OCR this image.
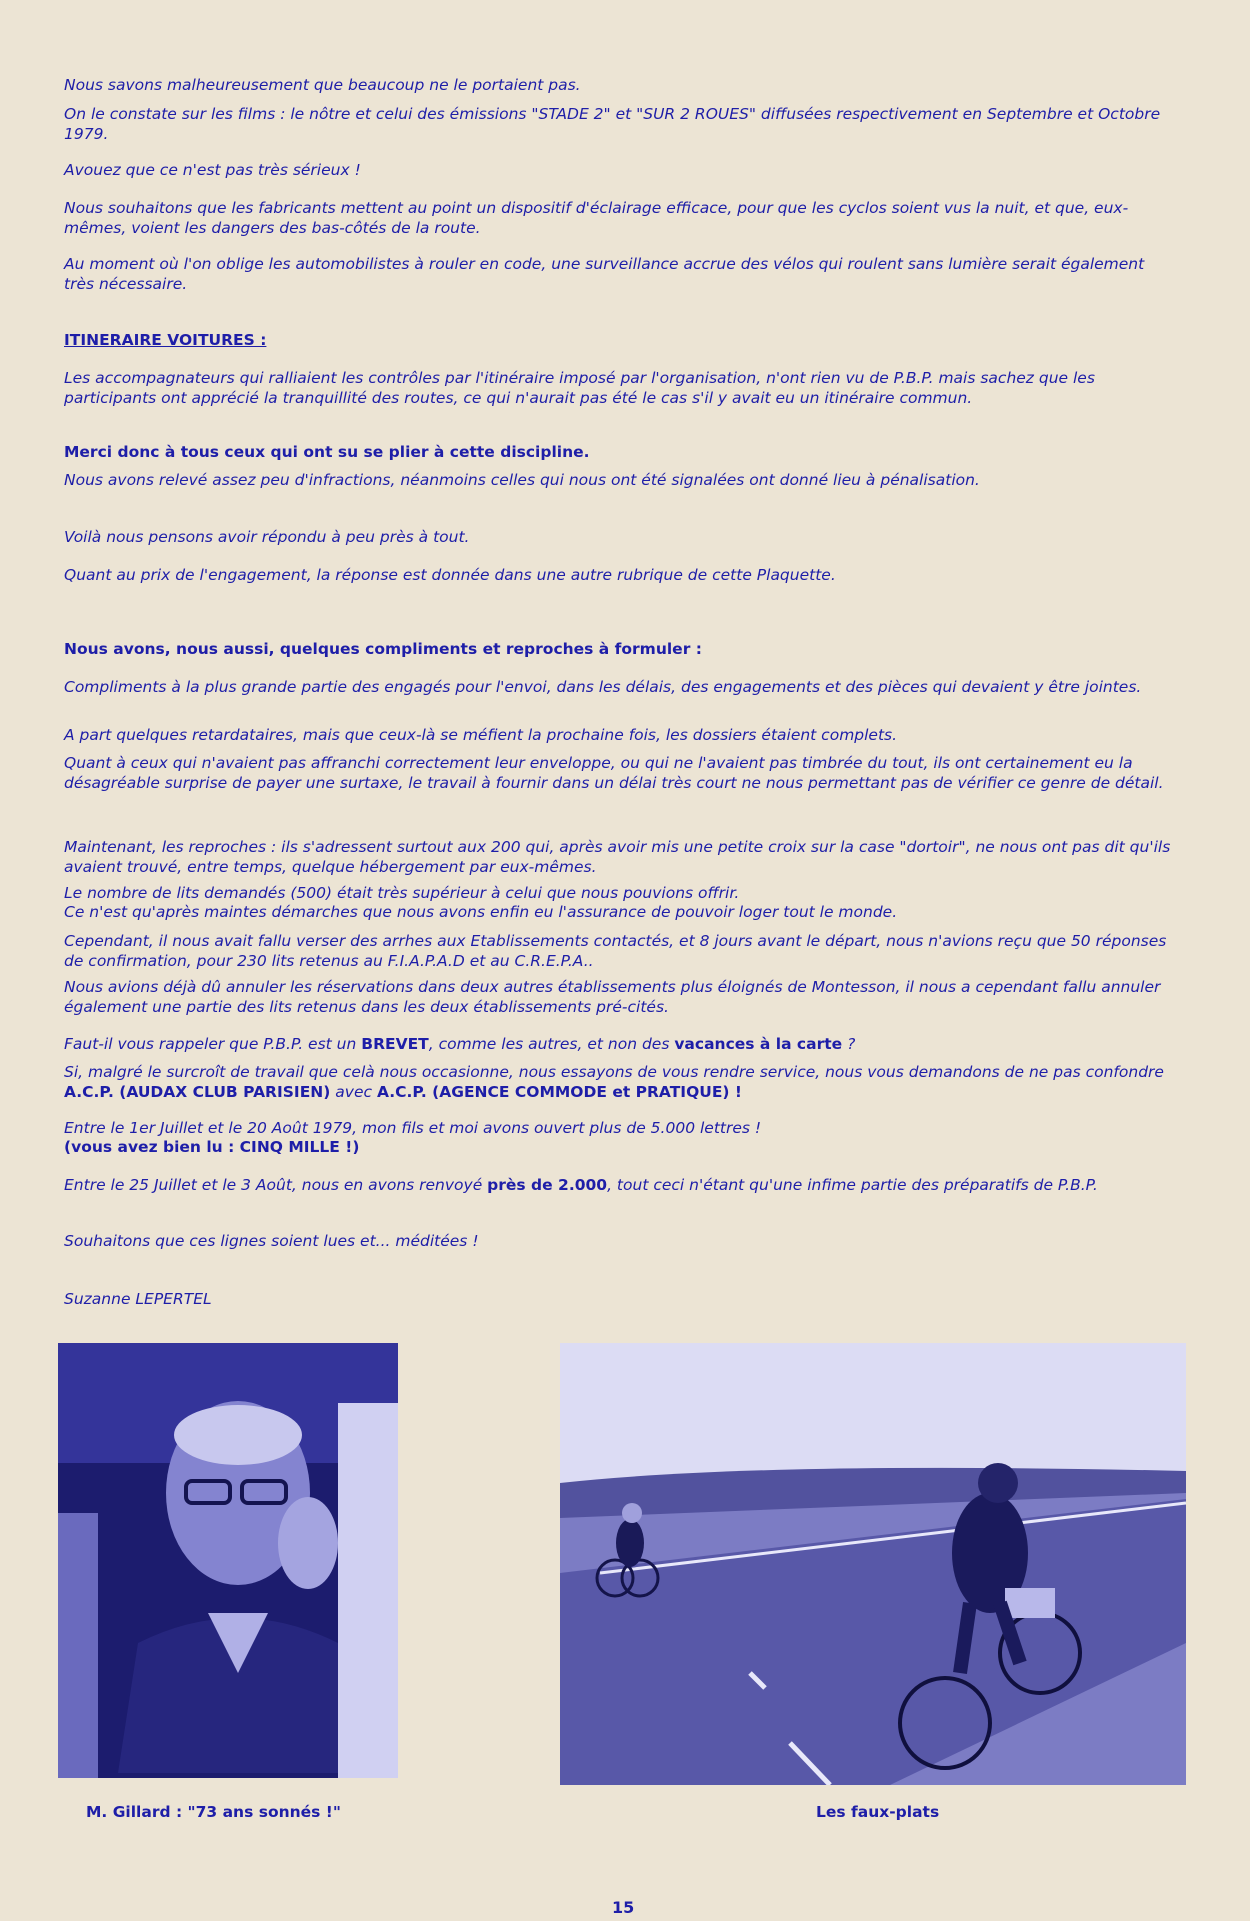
Nous savons malheureusement que beaucoup ne le portaient pas.

On le constate sur les films : le nôtre et celui des émissions "STADE 2" et "SUR 2 ROUES" diffusées respectivement en Septembre et Octobre 1979.

Avouez que ce n'est pas très sérieux !

Nous souhaitons que les fabricants mettent au point un dispositif d'éclairage efficace, pour que les cyclos soient vus la nuit, et que, eux-mêmes, voient les dangers des bas-côtés de la route.

Au moment où l'on oblige les automobilistes à rouler en code, une surveillance accrue des vélos qui roulent sans lumière serait également très nécessaire.

ITINERAIRE VOITURES :

Les accompagnateurs qui ralliaient les contrôles par l'itinéraire imposé par l'organisation, n'ont rien vu de P.B.P. mais sachez que les participants ont apprécié la tranquillité des routes, ce qui n'aurait pas été le cas s'il y avait eu un itinéraire commun.

Merci donc à tous ceux qui ont su se plier à cette discipline.

Nous avons relevé assez peu d'infractions, néanmoins celles qui nous ont été signalées ont donné lieu à pénalisation.

Voilà nous pensons avoir répondu à peu près à tout.

Quant au prix de l'engagement, la réponse est donnée dans une autre rubrique de cette Plaquette.

Nous avons, nous aussi, quelques compliments et reproches à formuler :

Compliments à la plus grande partie des engagés pour l'envoi, dans les délais, des engagements et des pièces qui devaient y être jointes.

A part quelques retardataires, mais que ceux-là se méfient la prochaine fois, les dossiers étaient complets.

Quant à ceux qui n'avaient pas affranchi correctement leur enveloppe, ou qui ne l'avaient pas timbrée du tout, ils ont certainement eu la désagréable surprise de payer une surtaxe, le travail à fournir dans un délai très court ne nous permettant pas de vérifier ce genre de détail.

Maintenant, les reproches : ils s'adressent surtout aux 200 qui, après avoir mis une petite croix sur la case "dortoir", ne nous ont pas dit qu'ils avaient trouvé, entre temps, quelque hébergement par eux-mêmes.

Le nombre de lits demandés (500) était très supérieur à celui que nous pouvions offrir.

Ce n'est qu'après maintes démarches que nous avons enfin eu l'assurance de pouvoir loger tout le monde.

Cependant, il nous avait fallu verser des arrhes aux Etablissements contactés, et 8 jours avant le départ, nous n'avions reçu que 50 réponses de confirmation, pour 230 lits retenus au F.I.A.P.A.D et au C.R.E.P.A..

Nous avions déjà dû annuler les réservations dans deux autres établissements plus éloignés de Montesson, il nous a cependant fallu annuler également une partie des lits retenus dans les deux établissements pré-cités.

Faut-il vous rappeler que P.B.P. est un BREVET, comme les autres, et non des vacances à la carte ?

Si, malgré le surcroît de travail que celà nous occasionne, nous essayons de vous rendre service, nous vous demandons de ne pas confondre A.C.P. (AUDAX CLUB PARISIEN) avec A.C.P. (AGENCE COMMODE et PRATIQUE) !

Entre le 1er Juillet et le 20 Août 1979, mon fils et moi avons ouvert plus de 5.000 lettres !

(vous avez bien lu : CINQ MILLE !)

Entre le 25 Juillet et le 3 Août, nous en avons renvoyé près de 2.000, tout ceci n'étant qu'une infime partie des préparatifs de P.B.P.

Souhaitons que ces lignes soient lues et... méditées !

Suzanne LEPERTEL

M. Gillard : "73 ans sonnés !"	Les faux-plats

15
